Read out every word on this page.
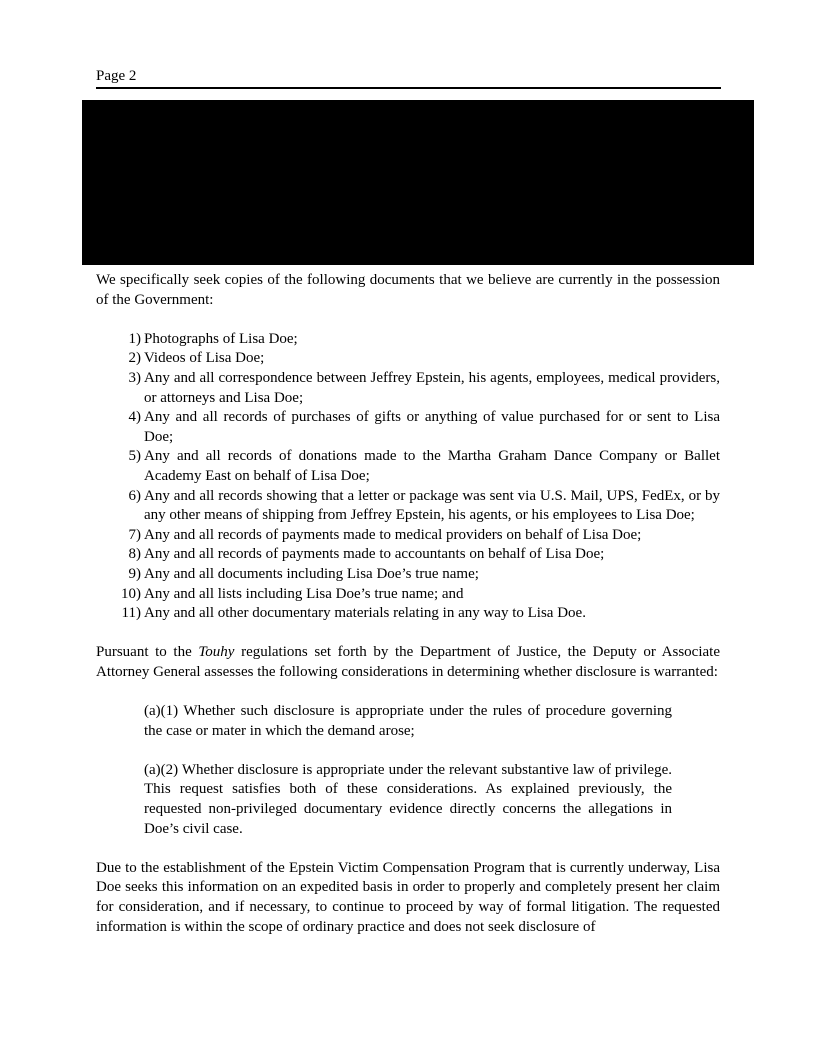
Page 2

We specifically seek copies of the following documents that we believe are currently in the possession of the Government:

1) Photographs of Lisa Doe;
2) Videos of Lisa Doe;
3) Any and all correspondence between Jeffrey Epstein, his agents, employees, medical providers, or attorneys and Lisa Doe;
4) Any and all records of purchases of gifts or anything of value purchased for or sent to Lisa Doe;
5) Any and all records of donations made to the Martha Graham Dance Company or Ballet Academy East on behalf of Lisa Doe;
6) Any and all records showing that a letter or package was sent via U.S. Mail, UPS, FedEx, or by any other means of shipping from Jeffrey Epstein, his agents, or his employees to Lisa Doe;
7) Any and all records of payments made to medical providers on behalf of Lisa Doe;
8) Any and all records of payments made to accountants on behalf of Lisa Doe;
9) Any and all documents including Lisa Doe’s true name;
10) Any and all lists including Lisa Doe’s true name; and
11) Any and all other documentary materials relating in any way to Lisa Doe.

Pursuant to the Touhy regulations set forth by the Department of Justice, the Deputy or Associate Attorney General assesses the following considerations in determining whether disclosure is warranted:

(a)(1) Whether such disclosure is appropriate under the rules of procedure governing the case or mater in which the demand arose;

(a)(2) Whether disclosure is appropriate under the relevant substantive law of privilege. This request satisfies both of these considerations. As explained previously, the requested non-privileged documentary evidence directly concerns the allegations in Doe’s civil case.

Due to the establishment of the Epstein Victim Compensation Program that is currently underway, Lisa Doe seeks this information on an expedited basis in order to properly and completely present her claim for consideration, and if necessary, to continue to proceed by way of formal litigation. The requested information is within the scope of ordinary practice and does not seek disclosure of
